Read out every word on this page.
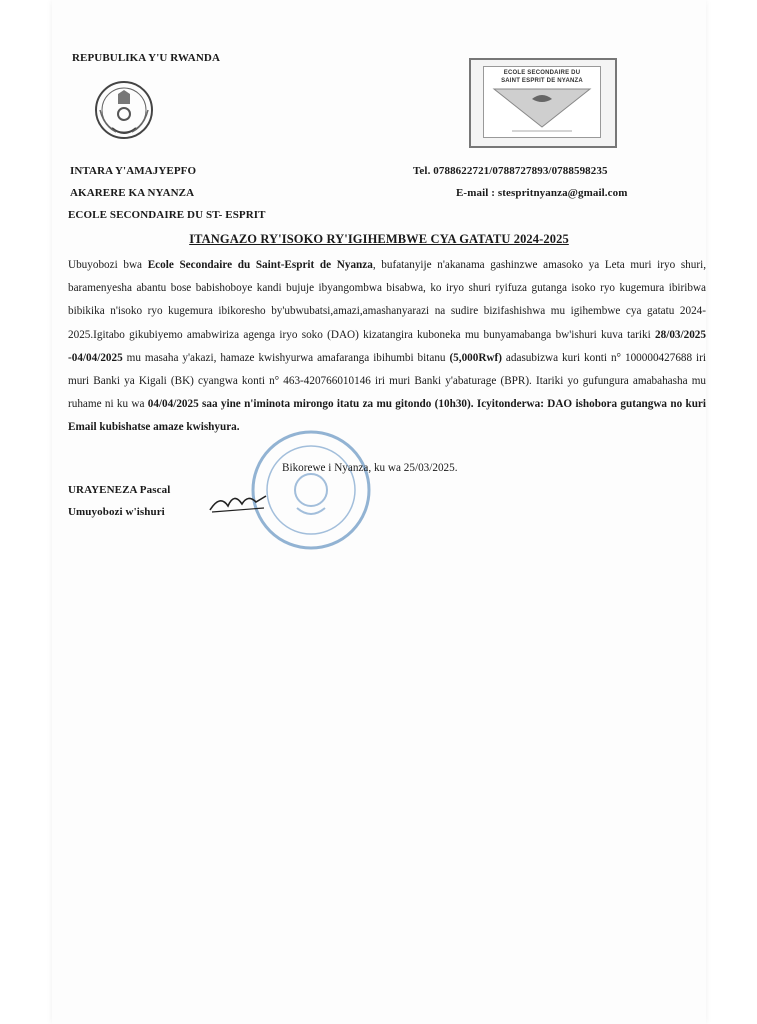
REPUBULIKA Y'U RWANDA
INTARA Y'AMAJYEPFO
AKARERE KA NYANZA
ECOLE SECONDAIRE DU ST- ESPRIT
ECOLE SECONDAIRE DU
SAINT ESPRIT DE NYANZA
Tel. 0788622721/0788727893/0788598235
E-mail : stespritnyanza@gmail.com
ITANGAZO RY'ISOKO RY'IGIHEMBWE CYA GATATU 2024-2025
Ubuyobozi bwa Ecole Secondaire du Saint-Esprit de Nyanza, bufatanyije n'akanama gashinzwe amasoko ya Leta muri iryo shuri, baramenyesha abantu bose babishoboye kandi bujuje ibyangombwa bisabwa, ko iryo shuri ryifuza gutanga isoko ryo kugemura ibiribwa bibikika n'isoko ryo kugemura ibikoresho by'ubwubatsi,amazi,amashanyarazi na sudire bizifashishwa mu igihembwe cya gatatu 2024-2025.Igitabo gikubiyemo amabwiriza agenga iryo soko (DAO) kizatangira kuboneka mu bunyamabanga bw'ishuri kuva tariki 28/03/2025 -04/04/2025 mu masaha y'akazi, hamaze kwishyurwa amafaranga ibihumbi bitanu (5,000Rwf) adasubizwa kuri konti n° 100000427688 iri muri Banki ya Kigali (BK) cyangwa konti n° 463-420766010146 iri muri Banki y'abaturage (BPR). Itariki yo gufungura amabahasha mu ruhame ni ku wa 04/04/2025 saa yine n'iminota mirongo itatu za mu gitondo (10h30). Icyitonderwa: DAO ishobora gutangwa no kuri Email kubishatse amaze kwishyura.
Bikorewe i Nyanza, ku wa 25/03/2025.
URAYENEZA Pascal
Umuyobozi w'ishuri
